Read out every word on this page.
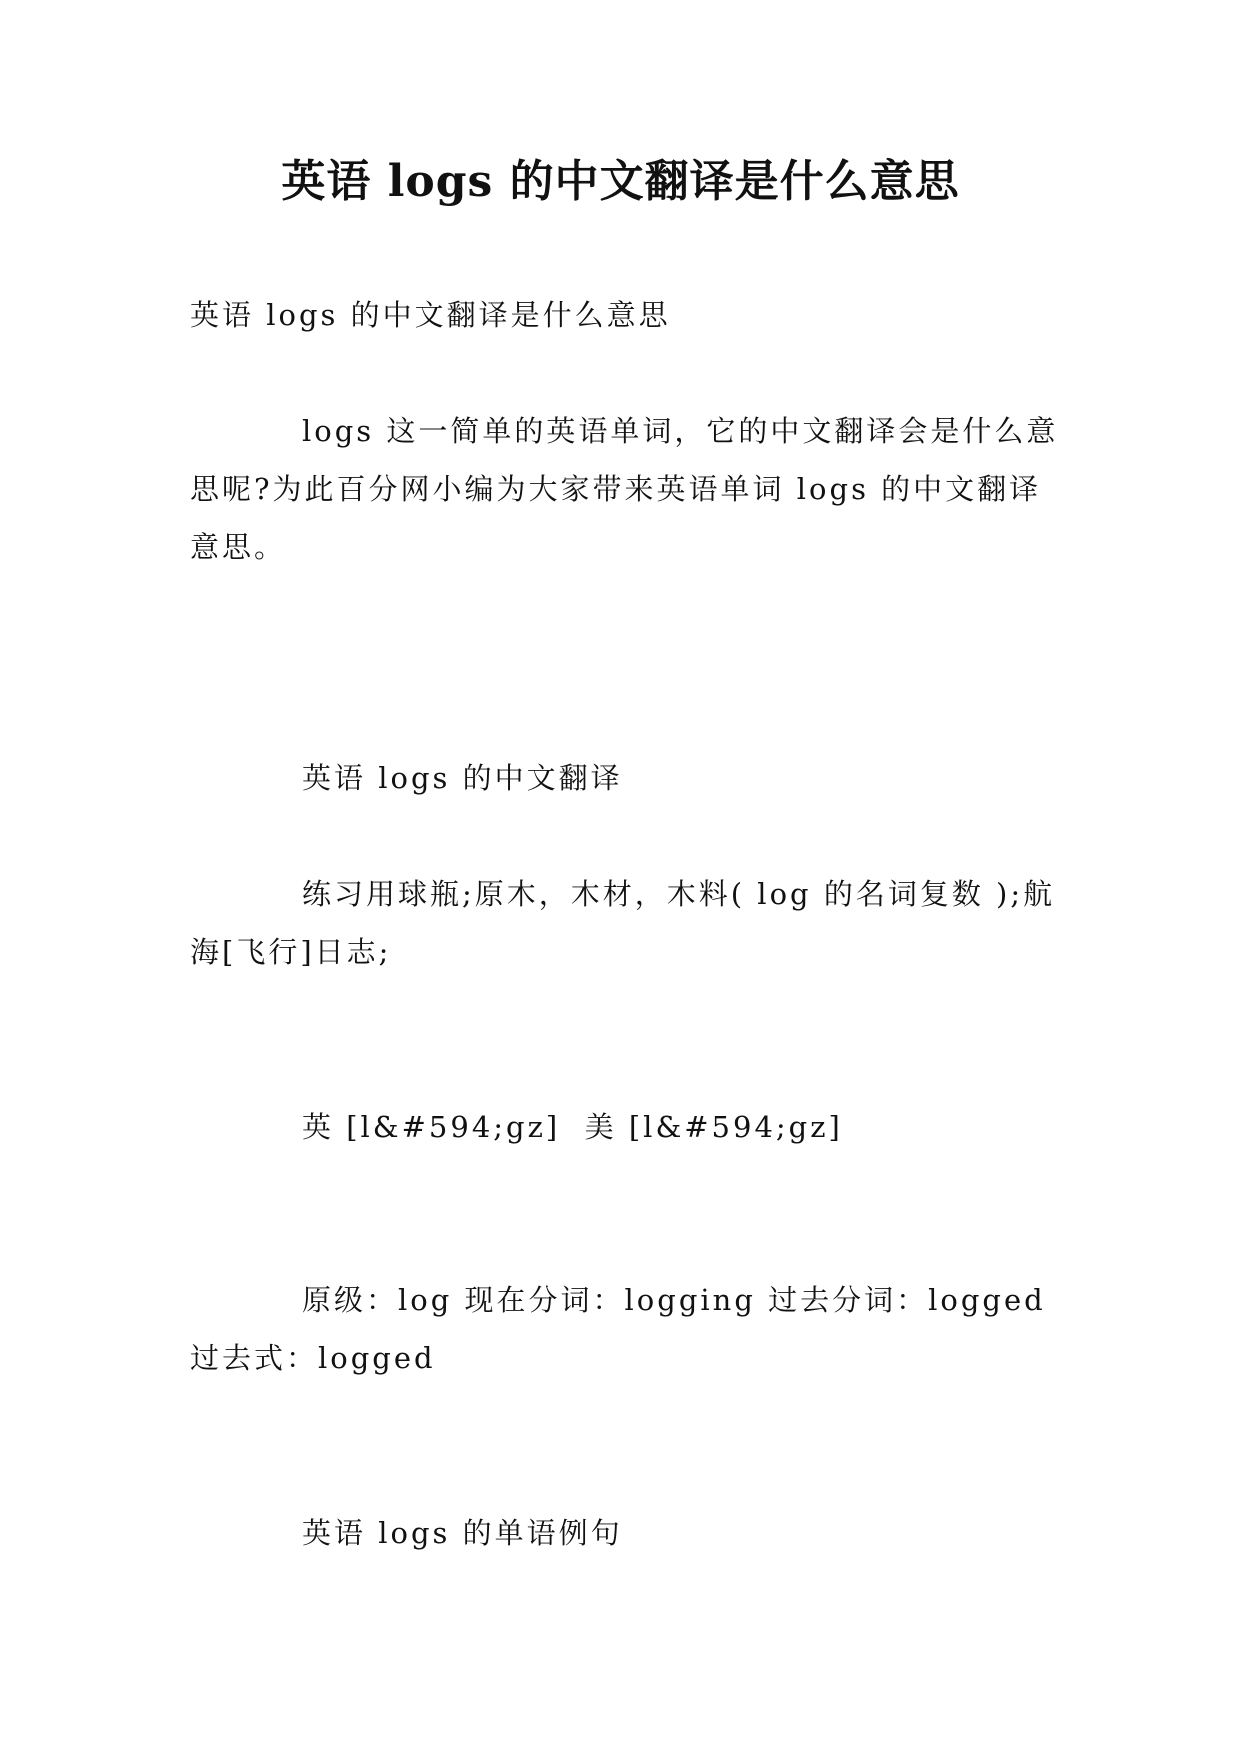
英语 logs 的中文翻译是什么意思
英语 logs 的中文翻译是什么意思
logs 这一简单的英语单词，它的中文翻译会是什么意思呢?为此百分网小编为大家带来英语单词 logs 的中文翻译意思。
英语 logs 的中文翻译
练习用球瓶;原木，木材，木料( log 的名词复数 );航海[飞行]日志;
英 [l&#594;gz]  美 [l&#594;gz]
原级：log 现在分词：logging 过去分词：logged 过去式：logged
英语 logs 的单语例句
